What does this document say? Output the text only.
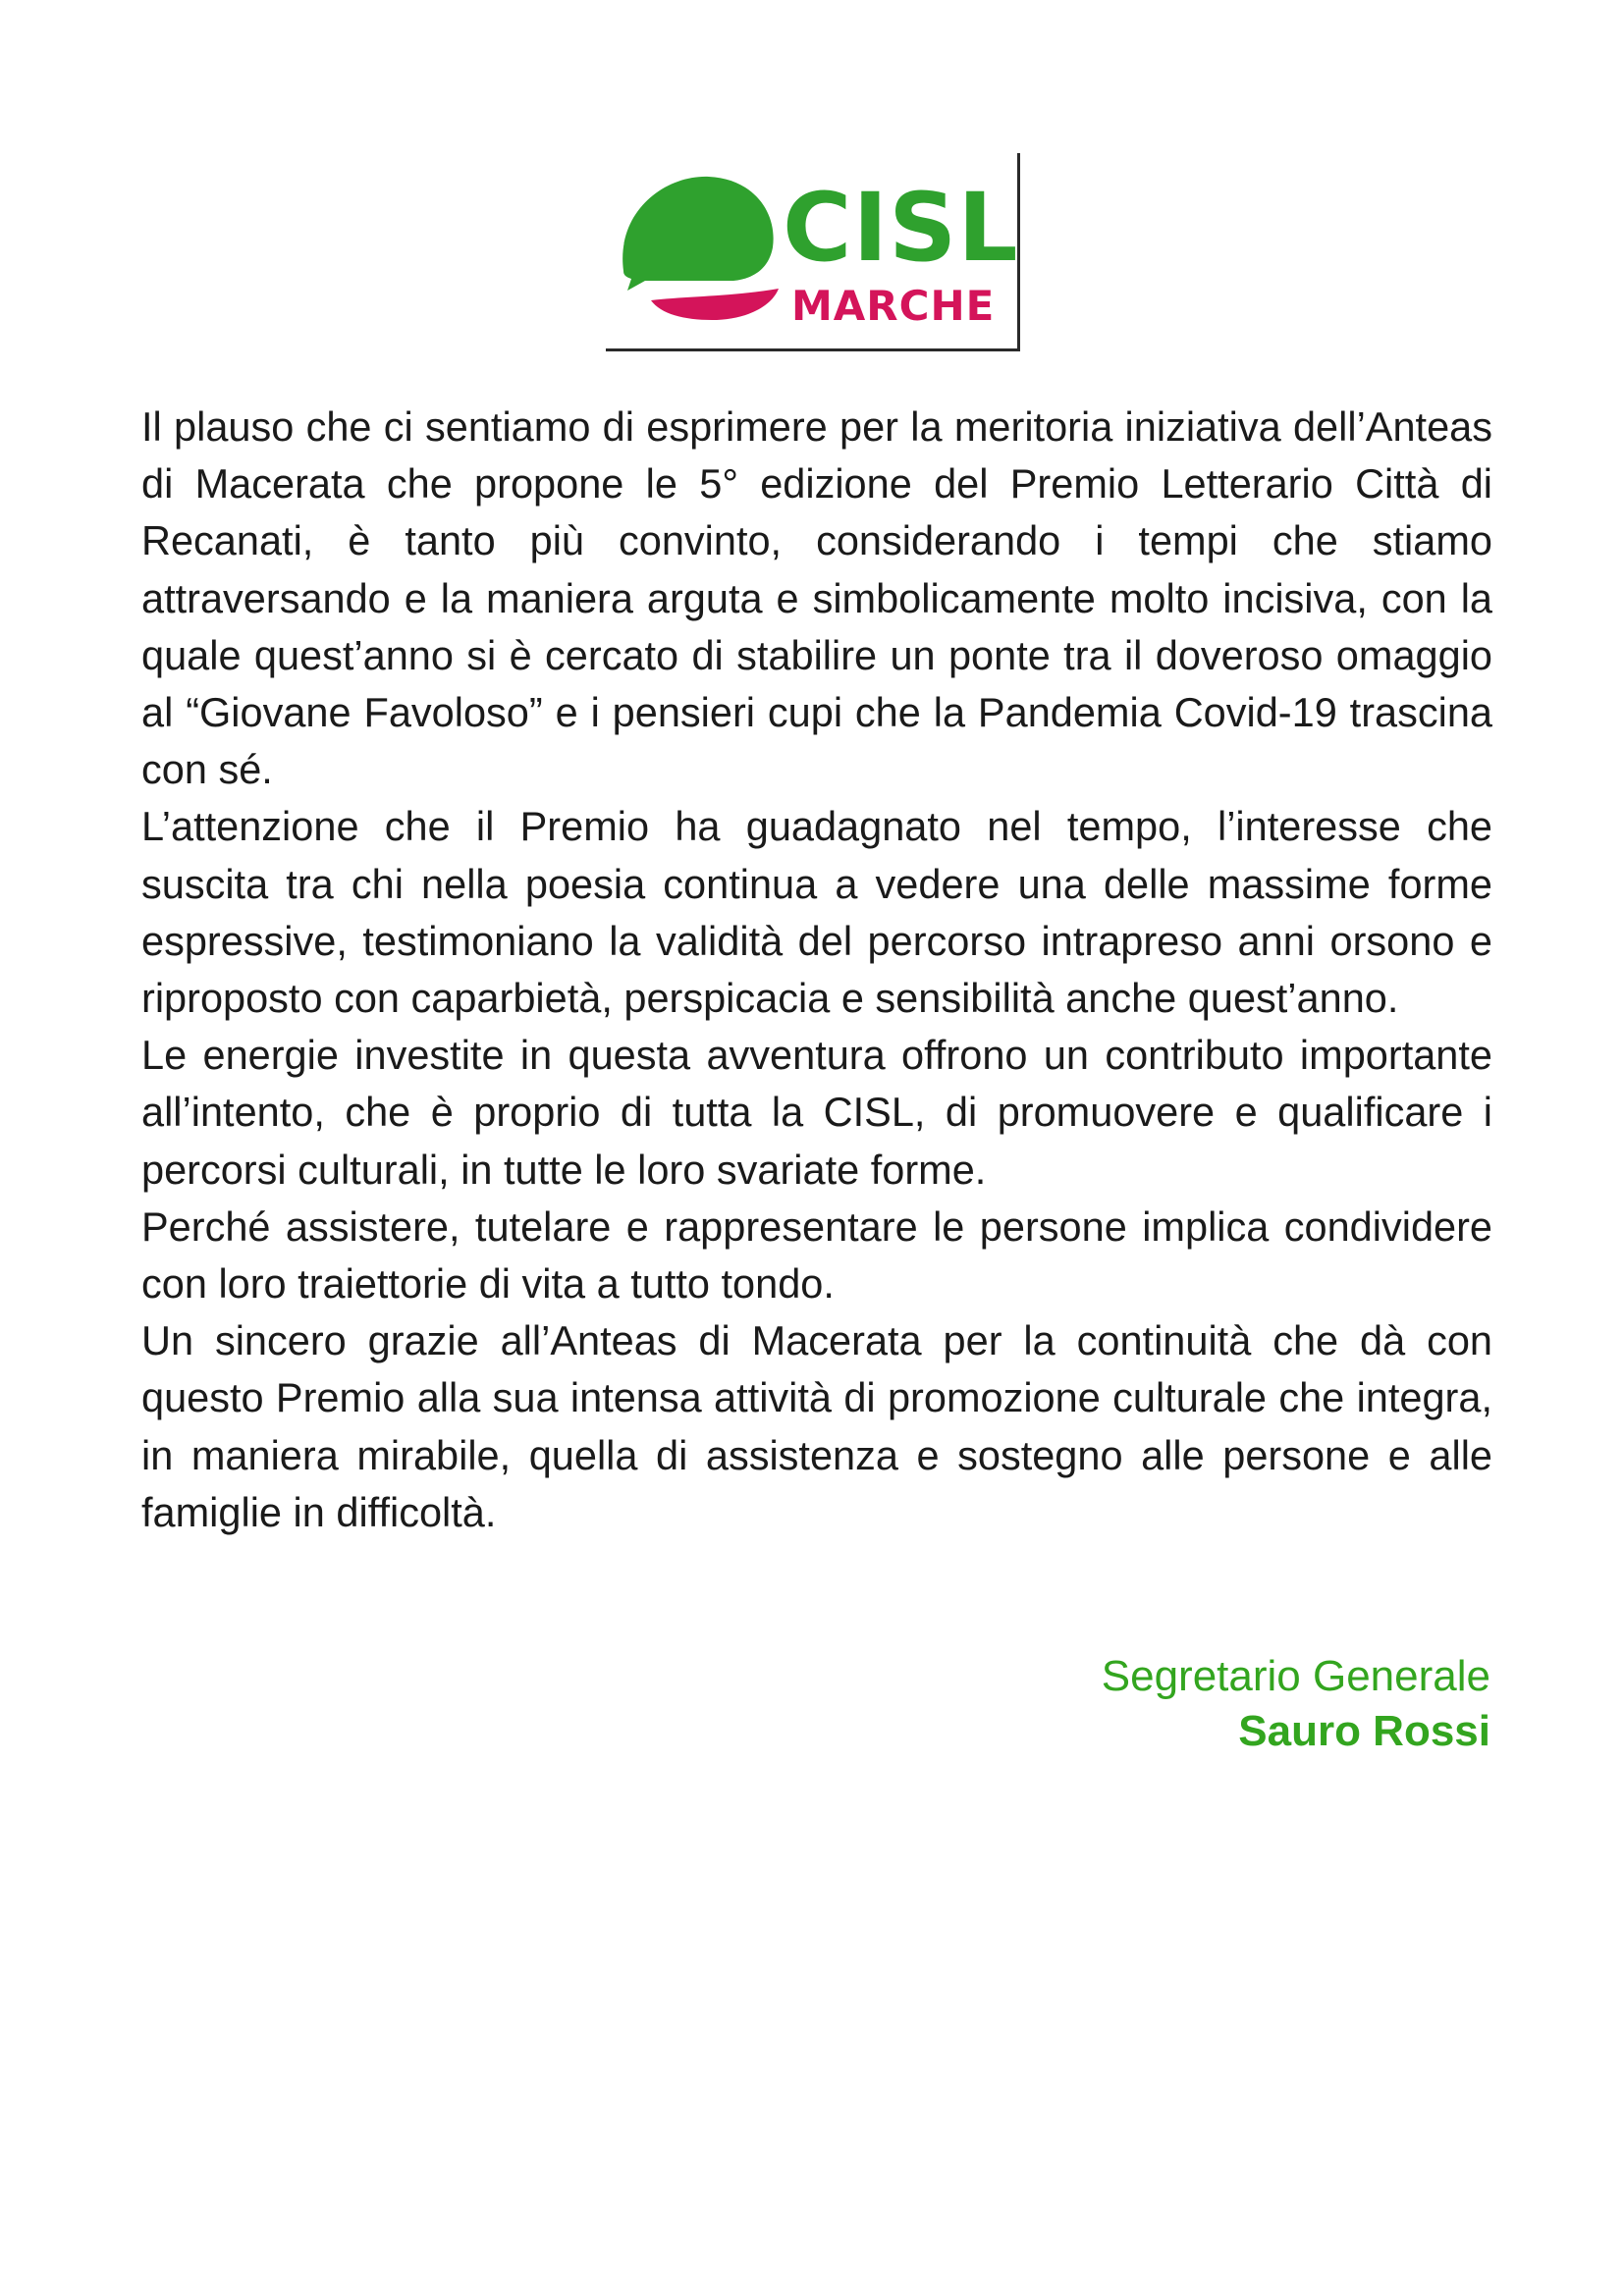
CISL
MARCHE

Il plauso che ci sentiamo di esprimere per la meritoria iniziativa dell’Anteas di Macerata che propone le 5° edizione del Premio Letterario Città di Recanati, è tanto più convinto, considerando i tempi che stiamo attraversando e la maniera arguta e simbolicamente molto incisiva, con la quale quest’anno si è cercato di stabilire un ponte tra il doveroso omaggio al “Giovane Favoloso” e i pensieri cupi che la Pandemia Covid-19 trascina con sé.

L’attenzione che il Premio ha guadagnato nel tempo, l’interesse che suscita tra chi nella poesia continua a vedere una delle massime forme espressive, testimoniano la validità del percorso intrapreso anni orsono e riproposto con caparbietà, perspicacia e sensibilità anche quest’anno.

Le energie investite in questa avventura offrono un contributo importante all’intento, che è proprio di tutta la CISL, di promuovere e qualificare i percorsi culturali, in tutte le loro svariate forme.

Perché assistere, tutelare e rappresentare le persone implica condividere con loro traiettorie di vita a tutto tondo.

Un sincero grazie all’Anteas di Macerata per la continuità che dà con questo Premio alla sua intensa attività di promozione culturale che integra, in maniera mirabile, quella di assistenza e sostegno alle persone e alle famiglie in difficoltà.

Segretario Generale
Sauro Rossi
